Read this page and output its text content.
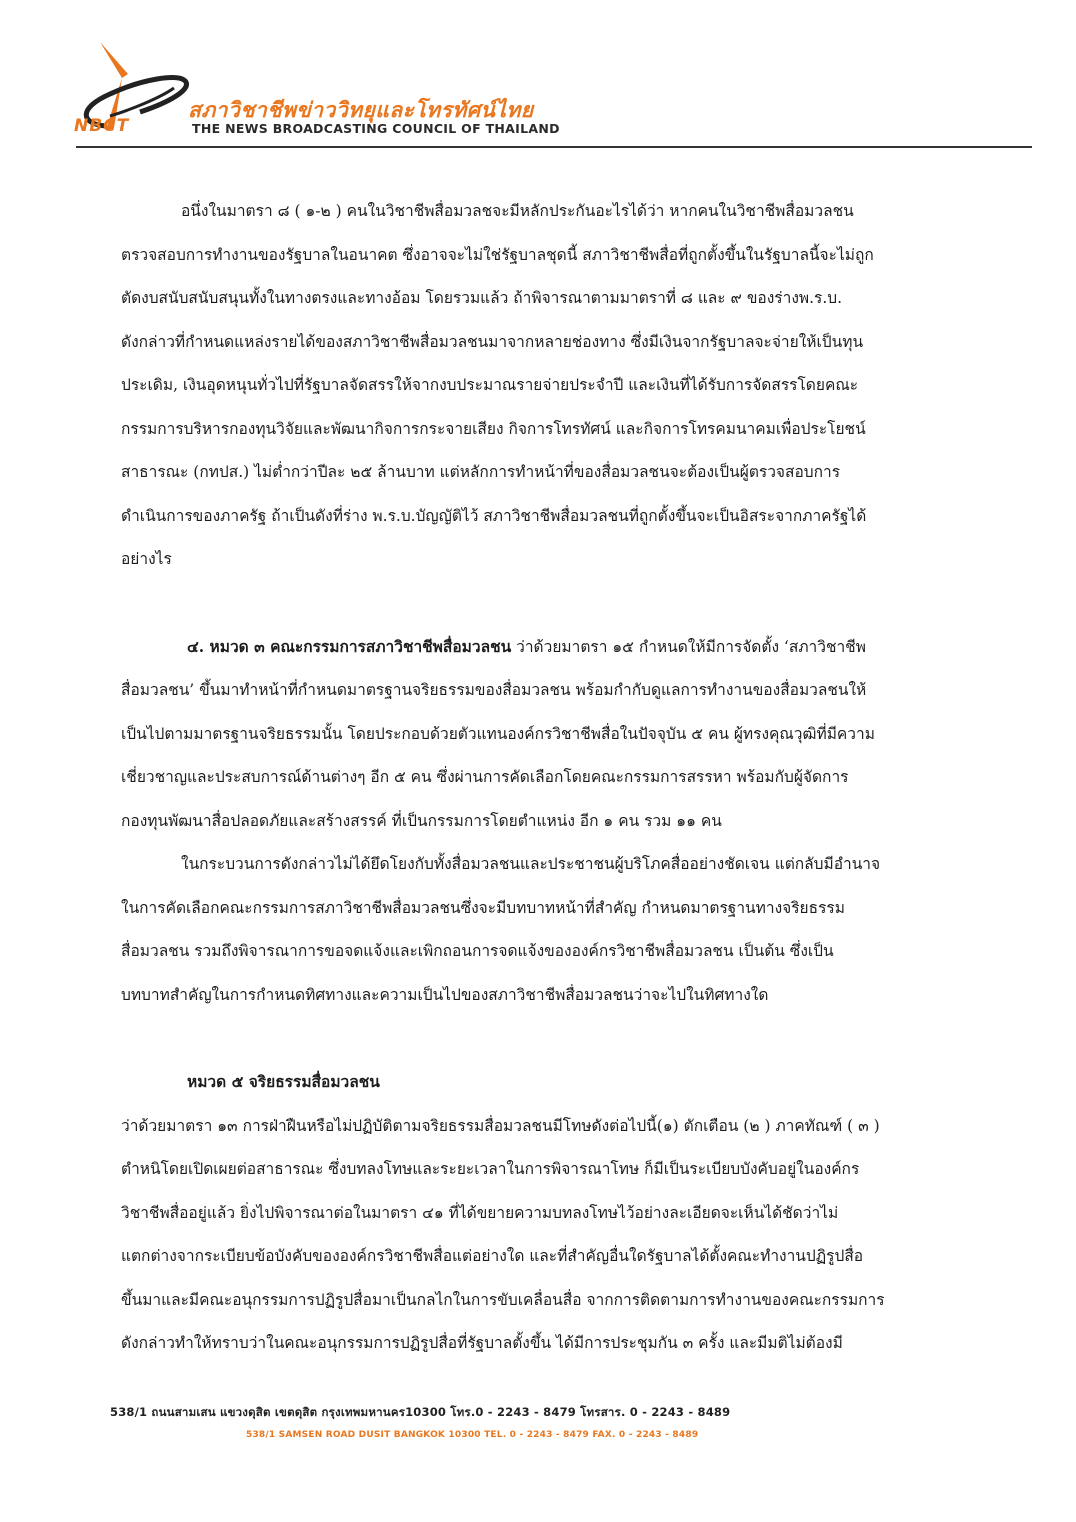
NBCT
สภาวิชาชีพข่าววิทยุและโทรทัศน์ไทย
THE NEWS BROADCASTING COUNCIL OF THAILAND
อนึ่งในมาตรา ๘ ( ๑-๒ ) คนในวิชาชีพสื่อมวลชจะมีหลักประกันอะไรได้ว่า หากคนในวิชาชีพสื่อมวลชน
ตรวจสอบการทำงานของรัฐบาลในอนาคต ซึ่งอาจจะไม่ใช่รัฐบาลชุดนี้ สภาวิชาชีพสื่อที่ถูกตั้งขึ้นในรัฐบาลนี้จะไม่ถูก
ตัดงบสนับสนับสนุนทั้งในทางตรงและทางอ้อม โดยรวมแล้ว ถ้าพิจารณาตามมาตราที่ ๘ และ ๙ ของร่างพ.ร.บ.
ดังกล่าวที่กำหนดแหล่งรายได้ของสภาวิชาชีพสื่อมวลชนมาจากหลายช่องทาง ซึ่งมีเงินจากรัฐบาลจะจ่ายให้เป็นทุน
ประเดิม, เงินอุดหนุนทั่วไปที่รัฐบาลจัดสรรให้จากงบประมาณรายจ่ายประจำปี และเงินที่ได้รับการจัดสรรโดยคณะ
กรรมการบริหารกองทุนวิจัยและพัฒนากิจการกระจายเสียง กิจการโทรทัศน์ และกิจการโทรคมนาคมเพื่อประโยชน์
สาธารณะ (กทปส.) ไม่ต่ำกว่าปีละ ๒๕ ล้านบาท แต่หลักการทำหน้าที่ของสื่อมวลชนจะต้องเป็นผู้ตรวจสอบการ
ดำเนินการของภาครัฐ ถ้าเป็นดังที่ร่าง พ.ร.บ.บัญญัติไว้ สภาวิชาชีพสื่อมวลชนที่ถูกตั้งขึ้นจะเป็นอิสระจากภาครัฐได้
อย่างไร
๔. หมวด ๓ คณะกรรมการสภาวิชาชีพสื่อมวลชน ว่าด้วยมาตรา ๑๕ กำหนดให้มีการจัดตั้ง ‘สภาวิชาชีพ
สื่อมวลชน’ ขึ้นมาทำหน้าที่กำหนดมาตรฐานจริยธรรมของสื่อมวลชน พร้อมกำกับดูแลการทำงานของสื่อมวลชนให้
เป็นไปตามมาตรฐานจริยธรรมนั้น โดยประกอบด้วยตัวแทนองค์กรวิชาชีพสื่อในปัจจุบัน ๕ คน ผู้ทรงคุณวุฒิที่มีความ
เชี่ยวชาญและประสบการณ์ด้านต่างๆ อีก ๕ คน ซึ่งผ่านการคัดเลือกโดยคณะกรรมการสรรหา พร้อมกับผู้จัดการ
กองทุนพัฒนาสื่อปลอดภัยและสร้างสรรค์ ที่เป็นกรรมการโดยตำแหน่ง อีก ๑ คน รวม ๑๑ คน
ในกระบวนการดังกล่าวไม่ได้ยึดโยงกับทั้งสื่อมวลชนและประชาชนผู้บริโภคสื่ออย่างชัดเจน แต่กลับมีอำนาจ
ในการคัดเลือกคณะกรรมการสภาวิชาชีพสื่อมวลชนซึ่งจะมีบทบาทหน้าที่สำคัญ กำหนดมาตรฐานทางจริยธรรม
สื่อมวลชน รวมถึงพิจารณาการขอจดแจ้งและเพิกถอนการจดแจ้งขององค์กรวิชาชีพสื่อมวลชน เป็นต้น ซึ่งเป็น
บทบาทสำคัญในการกำหนดทิศทางและความเป็นไปของสภาวิชาชีพสื่อมวลชนว่าจะไปในทิศทางใด
หมวด ๕ จริยธรรมสื่อมวลชน
ว่าด้วยมาตรา ๑๓ การฝ่าฝืนหรือไม่ปฏิบัติตามจริยธรรมสื่อมวลชนมีโทษดังต่อไปนี้(๑) ตักเตือน (๒ ) ภาคทัณฑ์ ( ๓ )
ตำหนิโดยเปิดเผยต่อสาธารณะ ซึ่งบทลงโทษและระยะเวลาในการพิจารณาโทษ ก็มีเป็นระเบียบบังคับอยู่ในองค์กร
วิชาชีพสื่ออยู่แล้ว ยิ่งไปพิจารณาต่อในมาตรา ๔๑ ที่ได้ขยายความบทลงโทษไว้อย่างละเอียดจะเห็นได้ชัดว่าไม่
แตกต่างจากระเบียบข้อบังคับขององค์กรวิชาชีพสื่อแต่อย่างใด และที่สำคัญอื่นใดรัฐบาลได้ตั้งคณะทำงานปฏิรูปสื่อ
ขึ้นมาและมีคณะอนุกรรมการปฏิรูปสื่อมาเป็นกลไกในการขับเคลื่อนสื่อ จากการติดตามการทำงานของคณะกรรมการ
ดังกล่าวทำให้ทราบว่าในคณะอนุกรรมการปฏิรูปสื่อที่รัฐบาลตั้งขึ้น ได้มีการประชุมกัน ๓ ครั้ง และมีมติไม่ต้องมี
538/1 ถนนสามเสน แขวงดุสิต เขตดุสิต กรุงเทพมหานคร10300 โทร.0 - 2243 - 8479 โทรสาร. 0 - 2243 - 8489
538/1 SAMSEN ROAD DUSIT BANGKOK 10300 TEL. 0 - 2243 - 8479 FAX. 0 - 2243 - 8489
